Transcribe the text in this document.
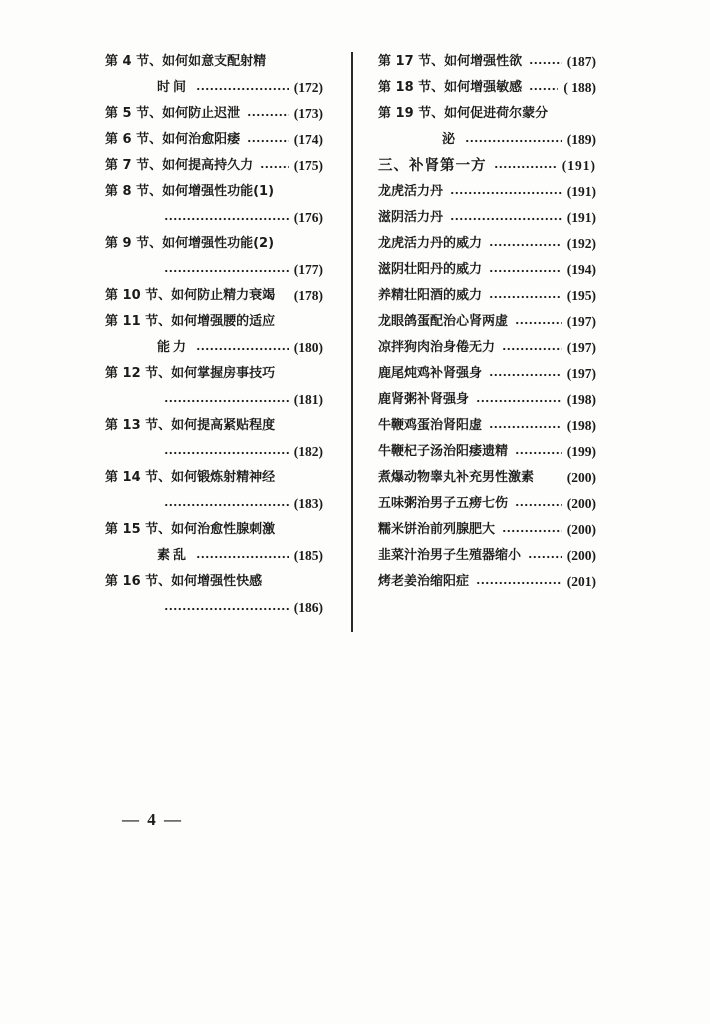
第 4 节、如何如意支配射精
时间	(172)
第 5 节、如何防止迟泄	(173)
第 6 节、如何治愈阳痿	(174)
第 7 节、如何提高持久力	(175)
第 8 节、如何增强性功能(1)
(176)
第 9 节、如何增强性功能(2)
(177)
第 10 节、如何防止精力衰竭 (178)
第 11 节、如何增强腰的适应
能力	(180)
第 12 节、如何掌握房事技巧
(181)
第 13 节、如何提高紧贴程度
(182)
第 14 节、如何锻炼射精神经
(183)
第 15 节、如何治愈性腺刺激
素乱	(185)
第 16 节、如何增强性快感
(186)
第 17 节、如何增强性欲	(187)
第 18 节、如何增强敏感	( 188)
第 19 节、如何促进荷尔蒙分
泌	(189)
三、补肾第一方	(191)
龙虎活力丹	(191)
滋阴活力丹	(191)
龙虎活力丹的威力	(192)
滋阴壮阳丹的威力	(194)
养精壮阳酒的威力	(195)
龙眼鸽蛋配治心肾两虚	(197)
凉拌狗肉治身倦无力	(197)
鹿尾炖鸡补肾强身	(197)
鹿肾粥补肾强身	(198)
牛鞭鸡蛋治肾阳虚	(198)
牛鞭杞子汤治阳痿遗精	(199)
煮爆动物睾丸补充男性激素 (200)
五味粥治男子五痨七伤	(200)
糯米饼治前列腺肥大	(200)
韭菜汁治男子生殖器缩小	(200)
烤老姜治缩阳症	(201)
— 4 —
